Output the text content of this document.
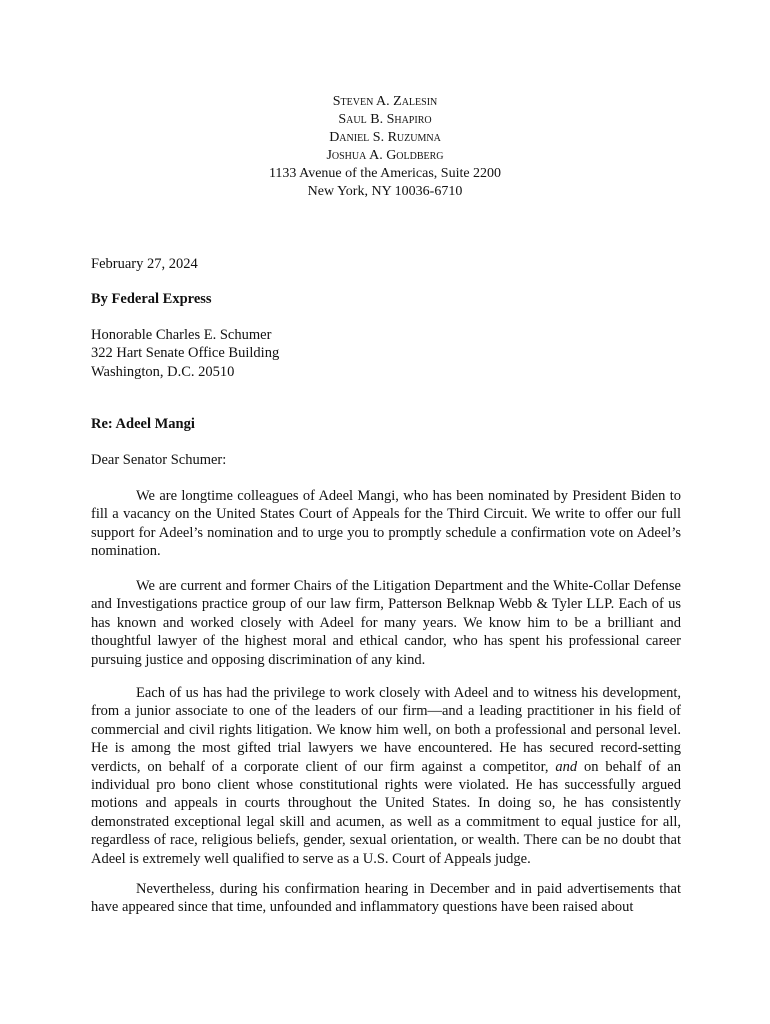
Steven A. Zalesin
Saul B. Shapiro
Daniel S. Ruzumna
Joshua A. Goldberg
1133 Avenue of the Americas, Suite 2200
New York, NY 10036-6710
February 27, 2024
By Federal Express
Honorable Charles E. Schumer
322 Hart Senate Office Building
Washington, D.C. 20510
Re: Adeel Mangi
Dear Senator Schumer:

We are longtime colleagues of Adeel Mangi, who has been nominated by President Biden to fill a vacancy on the United States Court of Appeals for the Third Circuit. We write to offer our full support for Adeel’s nomination and to urge you to promptly schedule a confirmation vote on Adeel’s nomination.

We are current and former Chairs of the Litigation Department and the White-Collar Defense and Investigations practice group of our law firm, Patterson Belknap Webb & Tyler LLP. Each of us has known and worked closely with Adeel for many years. We know him to be a brilliant and thoughtful lawyer of the highest moral and ethical candor, who has spent his professional career pursuing justice and opposing discrimination of any kind.

Each of us has had the privilege to work closely with Adeel and to witness his development, from a junior associate to one of the leaders of our firm—and a leading practitioner in his field of commercial and civil rights litigation. We know him well, on both a professional and personal level. He is among the most gifted trial lawyers we have encountered. He has secured record-setting verdicts, on behalf of a corporate client of our firm against a competitor, and on behalf of an individual pro bono client whose constitutional rights were violated. He has successfully argued motions and appeals in courts throughout the United States. In doing so, he has consistently demonstrated exceptional legal skill and acumen, as well as a commitment to equal justice for all, regardless of race, religious beliefs, gender, sexual orientation, or wealth. There can be no doubt that Adeel is extremely well qualified to serve as a U.S. Court of Appeals judge.

Nevertheless, during his confirmation hearing in December and in paid advertisements that have appeared since that time, unfounded and inflammatory questions have been raised about
